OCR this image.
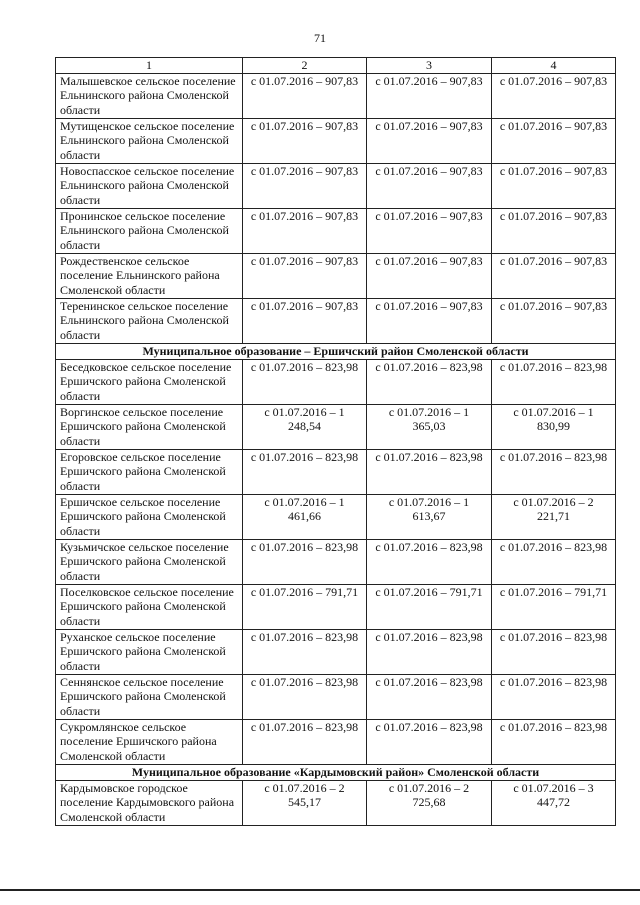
71
1	2	3	4
Малышевское сельское поселение Ельнинского района Смоленской области	с 01.07.2016 – 907,83	с 01.07.2016 – 907,83	с 01.07.2016 – 907,83
Мутищенское сельское поселение Ельнинского района Смоленской области	с 01.07.2016 – 907,83	с 01.07.2016 – 907,83	с 01.07.2016 – 907,83
Новоспасское сельское поселение Ельнинского района Смоленской области	с 01.07.2016 – 907,83	с 01.07.2016 – 907,83	с 01.07.2016 – 907,83
Пронинское сельское поселение Ельнинского района Смоленской области	с 01.07.2016 – 907,83	с 01.07.2016 – 907,83	с 01.07.2016 – 907,83
Рождественское сельское поселение Ельнинского района Смоленской области	с 01.07.2016 – 907,83	с 01.07.2016 – 907,83	с 01.07.2016 – 907,83
Теренинское сельское поселение Ельнинского района Смоленской области	с 01.07.2016 – 907,83	с 01.07.2016 – 907,83	с 01.07.2016 – 907,83
Муниципальное образование – Ершичский район Смоленской области			
Беседковское сельское поселение Ершичского района Смоленской области	с 01.07.2016 – 823,98	с 01.07.2016 – 823,98	с 01.07.2016 – 823,98
Воргинское сельское поселение Ершичского района Смоленской области	с 01.07.2016 – 1 248,54	с 01.07.2016 – 1 365,03	с 01.07.2016 – 1 830,99
Егоровское сельское поселение Ершичского района Смоленской области	с 01.07.2016 – 823,98	с 01.07.2016 – 823,98	с 01.07.2016 – 823,98
Ершичское сельское поселение Ершичского района Смоленской области	с 01.07.2016 – 1 461,66	с 01.07.2016 – 1 613,67	с 01.07.2016 – 2 221,71
Кузьмичское сельское поселение Ершичского района Смоленской области	с 01.07.2016 – 823,98	с 01.07.2016 – 823,98	с 01.07.2016 – 823,98
Поселковское сельское поселение Ершичского района Смоленской области	с 01.07.2016 – 791,71	с 01.07.2016 – 791,71	с 01.07.2016 – 791,71
Руханское сельское поселение Ершичского района Смоленской области	с 01.07.2016 – 823,98	с 01.07.2016 – 823,98	с 01.07.2016 – 823,98
Сеннянское сельское поселение Ершичского района Смоленской области	с 01.07.2016 – 823,98	с 01.07.2016 – 823,98	с 01.07.2016 – 823,98
Сукромлянское сельское поселение Ершичского района Смоленской области	с 01.07.2016 – 823,98	с 01.07.2016 – 823,98	с 01.07.2016 – 823,98
Муниципальное образование «Кардымовский район» Смоленской области			
Кардымовское городское поселение Кардымовского района Смоленской области	с 01.07.2016 – 2 545,17	с 01.07.2016 – 2 725,68	с 01.07.2016 – 3 447,72
